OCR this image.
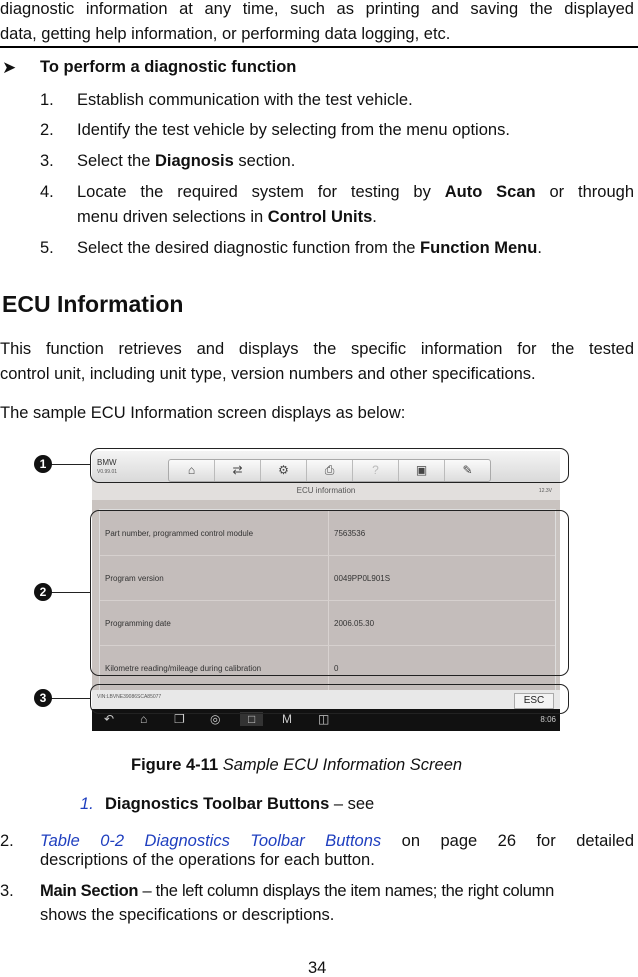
diagnostic information at any time, such as printing and saving the displayed
data, getting help information, or performing data logging, etc.
➤ To perform a diagnostic function
1. Establish communication with the test vehicle.
2. Identify the test vehicle by selecting from the menu options.
3. Select the Diagnosis section.
4. Locate the required system for testing by Auto Scan or through
menu driven selections in Control Units.
5. Select the desired diagnostic function from the Function Menu.
ECU Information
This function retrieves and displays the specific information for the tested
control unit, including unit type, version numbers and other specifications.
The sample ECU Information screen displays as below:
BMW
V0.99.01	⌂	⇄	⚙	⎙	?	▣	✎
ECU information	12.3V
Part number, programmed control module	7563536
Program version	0049PP0L901S
Programming date	2006.05.30
Kilometre reading/mileage during calibration	0
VIN:LBVNE39086SCA85077	ESC
↶ ⌂ ❐ ◎	□	M ◫	8:06
1
2
3
Figure 4-11 Sample ECU Information Screen
1. Diagnostics Toolbar Buttons – see
2. Table 0-2 Diagnostics Toolbar Buttons on page 26 for detailed
descriptions of the operations for each button.
3. Main Section – the left column displays the item names; the right column
shows the specifications or descriptions.
34
